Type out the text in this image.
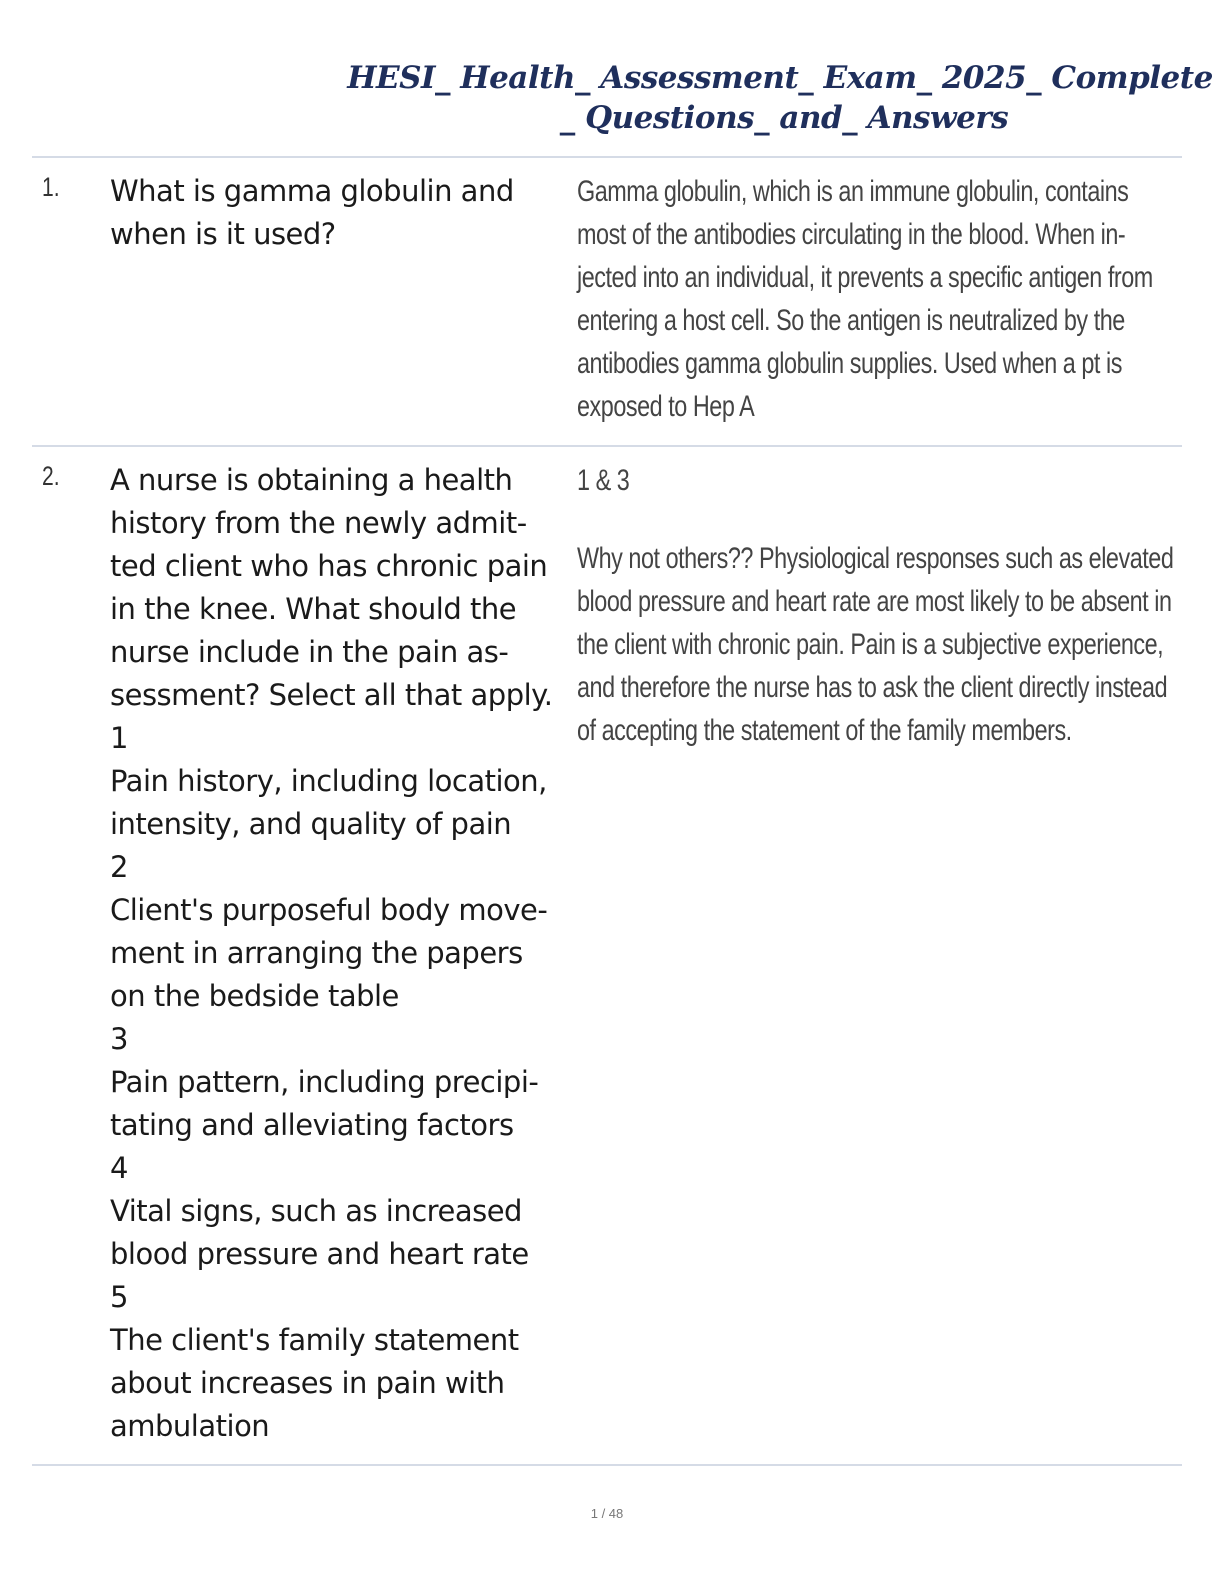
HESI_ Health_ Assessment_ Exam_ 2025_ Complete
_ Questions_ and_ Answers
1. What is gamma globulin and
when is it used?
Gamma globulin, which is an immune globulin, contains
most of the antibodies circulating in the blood. When in-
jected into an individual, it prevents a specific antigen from
entering a host cell. So the antigen is neutralized by the
antibodies gamma globulin supplies. Used when a pt is
exposed to Hep A
2. A nurse is obtaining a health
history from the newly admit-
ted client who has chronic pain
in the knee. What should the
nurse include in the pain as-
sessment? Select all that apply.
1
Pain history, including location,
intensity, and quality of pain
2
Client's purposeful body move-
ment in arranging the papers
on the bedside table
3
Pain pattern, including precipi-
tating and alleviating factors
4
Vital signs, such as increased
blood pressure and heart rate
5
The client's family statement
about increases in pain with
ambulation
1 & 3
Why not others?? Physiological responses such as elevated
blood pressure and heart rate are most likely to be absent in
the client with chronic pain. Pain is a subjective experience,
and therefore the nurse has to ask the client directly instead
of accepting the statement of the family members.
1 / 48
